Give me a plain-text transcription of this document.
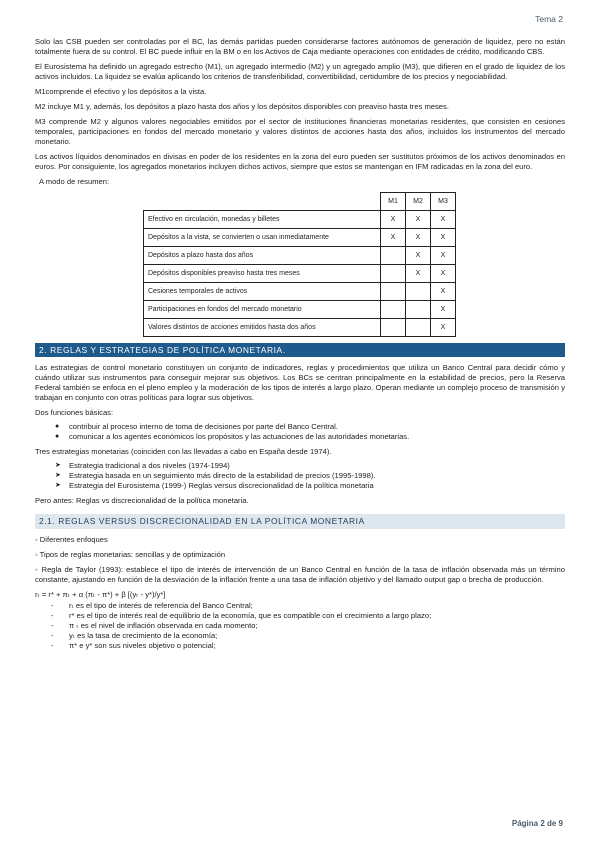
Tema 2

Solo las CSB pueden ser controladas por el BC, las demás partidas pueden considerarse factores autónomos de generación de liquidez, pero no están totalmente fuera de su control. El BC puede influir en la BM o en los Activos de Caja mediante operaciones con entidades de crédito, modificando CBS.

El Eurosistema ha definido un agregado estrecho (M1), un agregado intermedio (M2) y un agregado amplio (M3), que difieren en el grado de liquidez de los activos incluidos. La liquidez se evalúa aplicando los criterios de transferibilidad, convertibilidad, certidumbre de los precios y negociabilidad.

M1comprende el efectivo y los depósitos a la vista.

M2 incluye M1 y, además, los depósitos a plazo hasta dos años y los depósitos disponibles con preaviso hasta tres meses.

M3 comprende M2 y algunos valores negociables emitidos por el sector de instituciones financieras monetarias residentes, que consisten en cesiones temporales, participaciones en fondos del mercado monetario y valores distintos de acciones hasta dos años, incluidos los instrumentos del mercado monetario.

Los activos líquidos denominados en divisas en poder de los residentes en la zona del euro pueden ser sustitutos próximos de los activos denominados en euros. Por consiguiente, los agregados monetarios incluyen dichos activos, siempre que estos se mantengan en IFM radicadas en la zona del euro.

A modo de resumen:
	M1	M2	M3
Efectivo en circulación, monedas y billetes	X	X	X
Depósitos a la vista, se convierten o usan inmediatamente	X	X	X
Depósitos a plazo hasta dos años		X	X
Depósitos disponibles preaviso hasta tres meses		X	X
Cesiones temporales de activos			X
Participaciones en fondos del mercado monetario			X
Valores distintos de acciones emitidos hasta dos años			X
2. REGLAS Y ESTRATEGIAS DE POLÍTICA MONETARIA.

Las estrategias de control monetario constituyen un conjunto de indicadores, reglas y procedimientos que utiliza un Banco Central para decidir cómo y cuándo utilizar sus instrumentos para conseguir mejorar sus objetivos. Los BCs se centran principalmente en la estabilidad de precios, pero la Reserva Federal también se enfoca en el pleno empleo y la moderación de los tipos de interés a largo plazo. Operan mediante un complejo proceso de transmisión y trabajan en conjunto con otras políticas para lograr sus objetivos.

Dos funciones básicas:

● contribuir al proceso interno de toma de decisiones por parte del Banco Central.
● comunicar a los agentes económicos los propósitos y las actuaciones de las autoridades monetarias.

Tres estrategias monetarias (coinciden con las llevadas a cabo en España desde 1974).

➤ Estrategia tradicional a dos niveles (1974-1994)
➤ Estrategia basada en un seguimiento más directo de la estabilidad de precios (1995-1998).
➤ Estrategia del Eurosistema (1999-) Reglas versus discrecionalidad de la política monetaria

Pero antes: Reglas vs discrecionalidad de la política monetaria.

2.1. REGLAS VERSUS DISCRECIONALIDAD EN LA POLÍTICA MONETARIA

◦ Diferentes enfoques

◦ Tipos de reglas monetarias: sencillas y de optimización

◦ Regla de Taylor (1993): establece el tipo de interés de intervención de un Banco Central en función de la tasa de inflación observada más un término constante, ajustando en función de la desviación de la inflación frente a una tasa de inflación objetivo y del llamado output gap o brecha de producción.

rₜ = r* + πₜ + α (πₜ - π*) + β [(yₜ - y*)/y*]
- rₜ es el tipo de interés de referencia del Banco Central;
- r* es el tipo de interés real de equilibrio de la economía, que es compatible con el crecimiento a largo plazo;
- π ₜ es el nivel de inflación observada en cada momento;
- yₜ es la tasa de crecimiento de la economía;
- π* e y* son sus niveles objetivo o potencial;
Página 2 de 9
